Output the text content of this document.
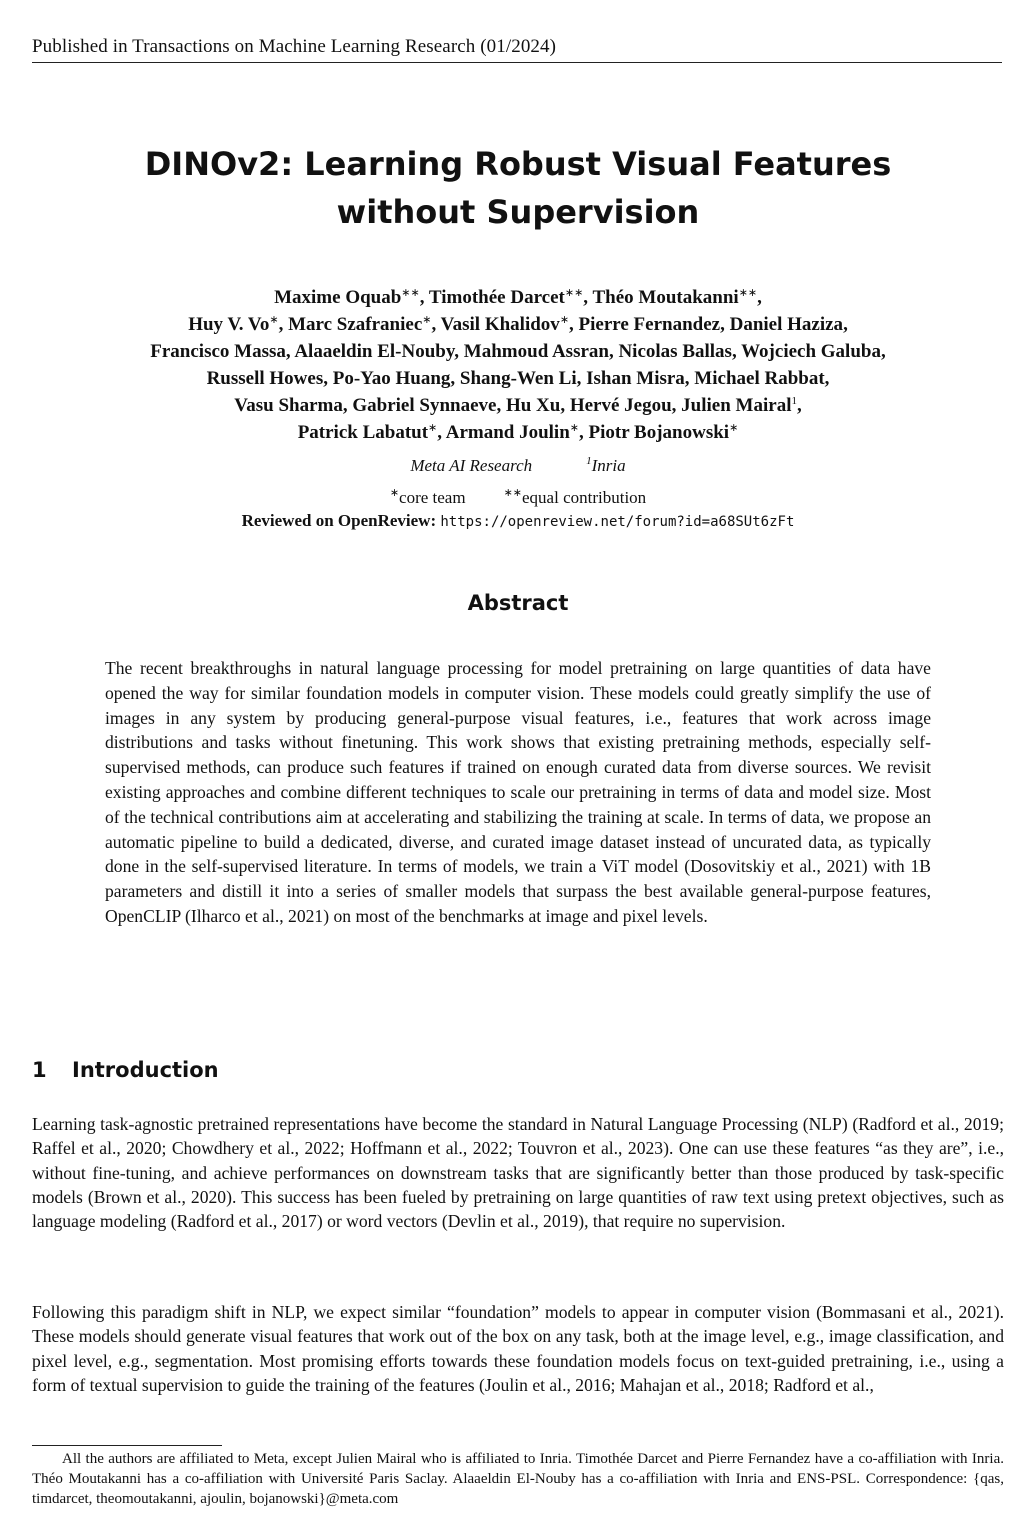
Published in Transactions on Machine Learning Research (01/2024)
DINOv2: Learning Robust Visual Features
without Supervision
Maxime Oquab∗∗, Timothée Darcet∗∗, Théo Moutakanni∗∗,
Huy V. Vo∗, Marc Szafraniec∗, Vasil Khalidov∗, Pierre Fernandez, Daniel Haziza,
Francisco Massa, Alaaeldin El-Nouby, Mahmoud Assran, Nicolas Ballas, Wojciech Galuba,
Russell Howes, Po-Yao Huang, Shang-Wen Li, Ishan Misra, Michael Rabbat,
Vasu Sharma, Gabriel Synnaeve, Hu Xu, Hervé Jegou, Julien Mairal$^1$,
Patrick Labatut∗, Armand Joulin∗, Piotr Bojanowski∗
Meta AI Research	$^1$Inria
∗core team	∗∗equal contribution
Reviewed on OpenReview: https://openreview.net/forum?id=a68SUt6zFt
Abstract

The recent breakthroughs in natural language processing for model pretraining on large quantities of data have opened the way for similar foundation models in computer vision. These models could greatly simplify the use of images in any system by producing general-purpose visual features, i.e., features that work across image distributions and tasks without finetuning. This work shows that existing pretraining methods, especially self-supervised methods, can produce such features if trained on enough curated data from diverse sources. We revisit existing approaches and combine different techniques to scale our pretraining in terms of data and model size. Most of the technical contributions aim at accelerating and stabilizing the training at scale. In terms of data, we propose an automatic pipeline to build a dedicated, diverse, and curated image dataset instead of uncurated data, as typically done in the self-supervised literature. In terms of models, we train a ViT model (Dosovitskiy et al., 2021) with 1B parameters and distill it into a series of smaller models that surpass the best available general-purpose features, OpenCLIP (Ilharco et al., 2021) on most of the benchmarks at image and pixel levels.

1 Introduction

Learning task-agnostic pretrained representations have become the standard in Natural Language Processing (NLP) (Radford et al., 2019; Raffel et al., 2020; Chowdhery et al., 2022; Hoffmann et al., 2022; Touvron et al., 2023). One can use these features “as they are”, i.e., without fine-tuning, and achieve performances on downstream tasks that are significantly better than those produced by task-specific models (Brown et al., 2020). This success has been fueled by pretraining on large quantities of raw text using pretext objectives, such as language modeling (Radford et al., 2017) or word vectors (Devlin et al., 2019), that require no supervision.

Following this paradigm shift in NLP, we expect similar “foundation” models to appear in computer vision (Bommasani et al., 2021). These models should generate visual features that work out of the box on any task, both at the image level, e.g., image classification, and pixel level, e.g., segmentation. Most promising efforts towards these foundation models focus on text-guided pretraining, i.e., using a form of textual supervision to guide the training of the features (Joulin et al., 2016; Mahajan et al., 2018; Radford et al.,

All the authors are affiliated to Meta, except Julien Mairal who is affiliated to Inria. Timothée Darcet and Pierre Fernandez have a co-affiliation with Inria. Théo Moutakanni has a co-affiliation with Université Paris Saclay. Alaaeldin El-Nouby has a co-affiliation with Inria and ENS-PSL. Correspondence: {qas, timdarcet, theomoutakanni, ajoulin, bojanowski}@meta.com
